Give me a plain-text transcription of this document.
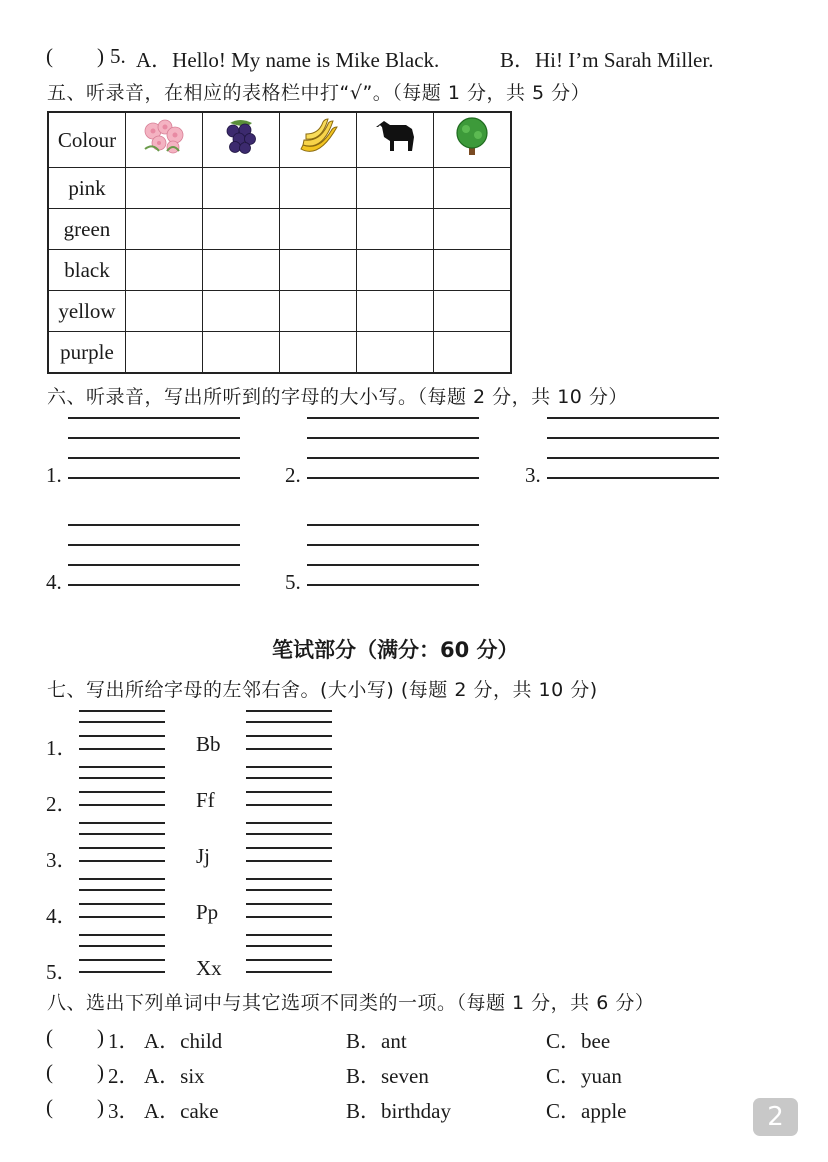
( ) 5. A．Hello! My name is Mike Black.	B．Hi! I’m Sarah Miller.
五、听录音，在相应的表格栏中打“√”。（每题 1 分，共 5 分）
Colour					
pink					
green					
black					
yellow					
purple					
六、听录音，写出所听到的字母的大小写。（每题 2 分，共 10 分）
1.	2.	3.
4.	5.
笔试部分（满分：60 分）
七、写出所给字母的左邻右舍。(大小写) (每题 2 分，共 10 分)
1．	Bb
2．	Ff
3．	Jj
4．	Pp
5．	Xx
八、选出下列单词中与其它选项不同类的一项。（每题 1 分，共 6 分）
( ) 1． A．child	B．ant	C．bee
( ) 2． A．six	B．seven	C．yuan
( ) 3． A．cake	B．birthday	C．apple	2
